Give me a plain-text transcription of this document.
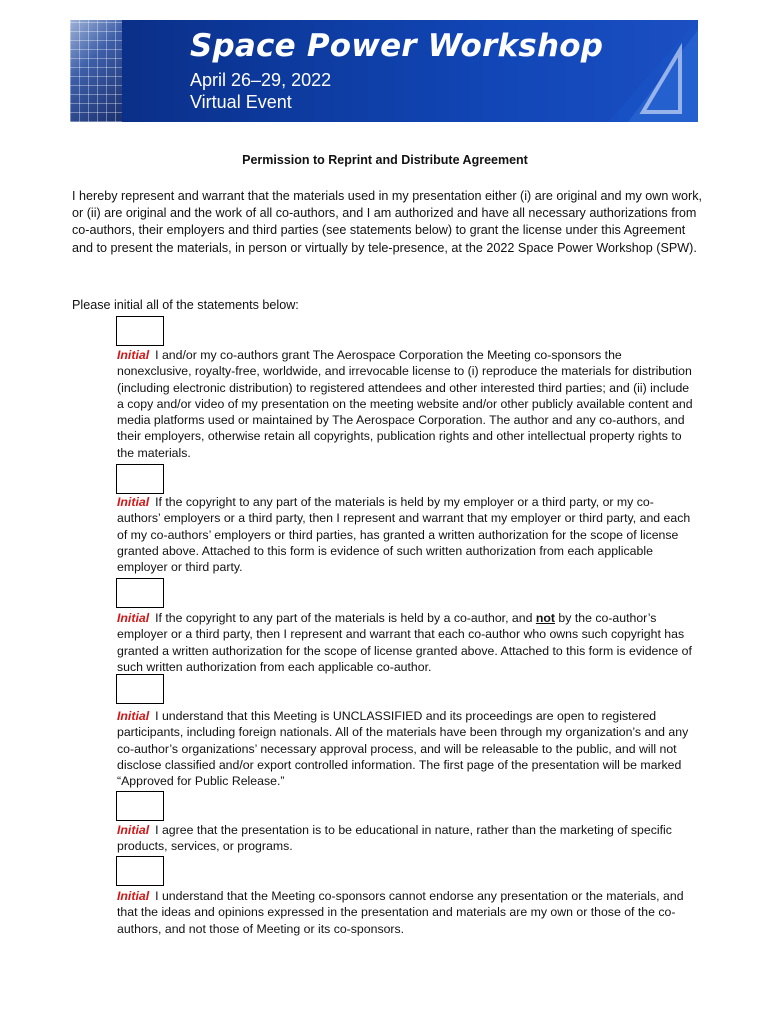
Space Power Workshop
April 26–29, 2022
Virtual Event
Permission to Reprint and Distribute Agreement

I hereby represent and warrant that the materials used in my presentation either (i) are original and my own work, or (ii) are original and the work of all co-authors, and I am authorized and have all necessary authorizations from co-authors, their employers and third parties (see statements below) to grant the license under this Agreement and to present the materials, in person or virtually by tele-presence, at the 2022 Space Power Workshop (SPW).

Please initial all of the statements below:

Initial I and/or my co-authors grant The Aerospace Corporation the Meeting co-sponsors the nonexclusive, royalty-free, worldwide, and irrevocable license to (i) reproduce the materials for distribution (including electronic distribution) to registered attendees and other interested third parties; and (ii) include a copy and/or video of my presentation on the meeting website and/or other publicly available content and media platforms used or maintained by The Aerospace Corporation. The author and any co-authors, and their employers, otherwise retain all copyrights, publication rights and other intellectual property rights to the materials.

Initial If the copyright to any part of the materials is held by my employer or a third party, or my co-authors’ employers or a third party, then I represent and warrant that my employer or third party, and each of my co-authors’ employers or third parties, has granted a written authorization for the scope of license granted above. Attached to this form is evidence of such written authorization from each applicable employer or third party.

Initial If the copyright to any part of the materials is held by a co-author, and not by the co-author’s employer or a third party, then I represent and warrant that each co-author who owns such copyright has granted a written authorization for the scope of license granted above. Attached to this form is evidence of such written authorization from each applicable co-author.

Initial I understand that this Meeting is UNCLASSIFIED and its proceedings are open to registered participants, including foreign nationals. All of the materials have been through my organization’s and any co-author’s organizations’ necessary approval process, and will be releasable to the public, and will not disclose classified and/or export controlled information. The first page of the presentation will be marked “Approved for Public Release.”

Initial I agree that the presentation is to be educational in nature, rather than the marketing of specific products, services, or programs.

Initial I understand that the Meeting co-sponsors cannot endorse any presentation or the materials, and that the ideas and opinions expressed in the presentation and materials are my own or those of the co-authors, and not those of Meeting or its co-sponsors.
